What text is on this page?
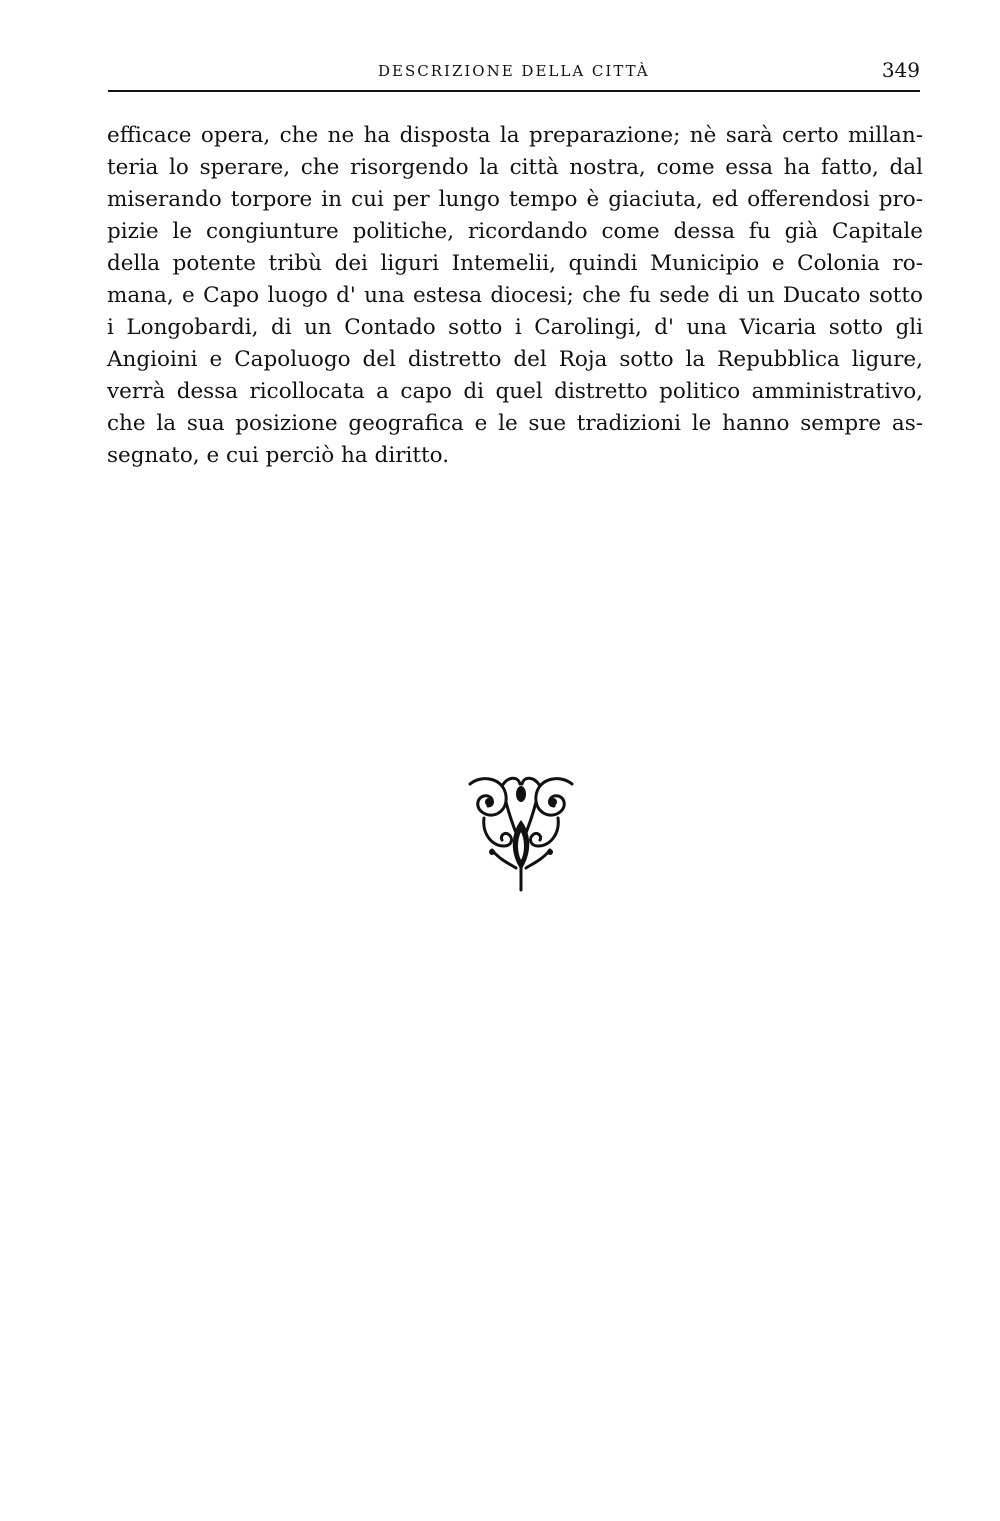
DESCRIZIONE DELLA CITTÀ	349
efficace opera, che ne ha disposta la preparazione; nè sarà certo millan-
teria lo sperare, che risorgendo la città nostra, come essa ha fatto, dal
miserando torpore in cui per lungo tempo è giaciuta, ed offerendosi pro-
pizie le congiunture politiche, ricordando come dessa fu già Capitale
della potente tribù dei liguri Intemelii, quindi Municipio e Colonia ro-
mana, e Capo luogo d' una estesa diocesi; che fu sede di un Ducato sotto
i Longobardi, di un Contado sotto i Carolingi, d' una Vicaria sotto gli
Angioini e Capoluogo del distretto del Roja sotto la Repubblica ligure,
verrà dessa ricollocata a capo di quel distretto politico amministrativo,
che la sua posizione geografica e le sue tradizioni le hanno sempre as-
segnato, e cui perciò ha diritto.
